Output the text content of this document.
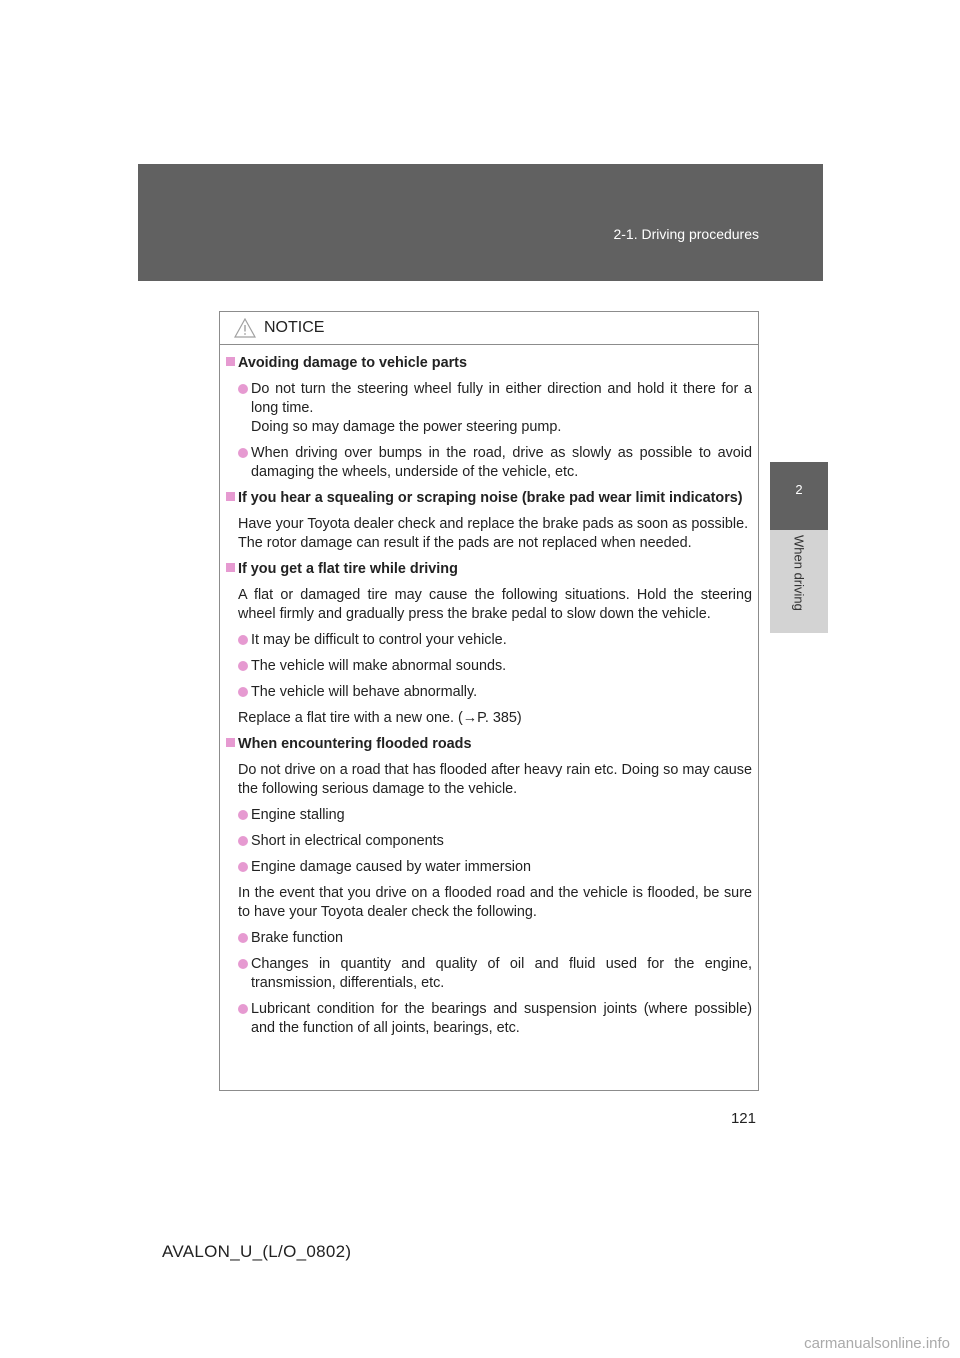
2-1. Driving procedures
2
When driving
NOTICE
Avoiding damage to vehicle parts
Do not turn the steering wheel fully in either direction and hold it there for a long time.
Doing so may damage the power steering pump.
When driving over bumps in the road, drive as slowly as possible to avoid damaging the wheels, underside of the vehicle, etc.
If you hear a squealing or scraping noise (brake pad wear limit indicators)
Have your Toyota dealer check and replace the brake pads as soon as possible.
The rotor damage can result if the pads are not replaced when needed.
If you get a flat tire while driving
A flat or damaged tire may cause the following situations. Hold the steering wheel firmly and gradually press the brake pedal to slow down the vehicle.
It may be difficult to control your vehicle.
The vehicle will make abnormal sounds.
The vehicle will behave abnormally.
Replace a flat tire with a new one. (→P. 385)
When encountering flooded roads
Do not drive on a road that has flooded after heavy rain etc. Doing so may cause the following serious damage to the vehicle.
Engine stalling
Short in electrical components
Engine damage caused by water immersion
In the event that you drive on a flooded road and the vehicle is flooded, be sure to have your Toyota dealer check the following.
Brake function
Changes in quantity and quality of oil and fluid used for the engine, transmission, differentials, etc.
Lubricant condition for the bearings and suspension joints (where possible) and the function of all joints, bearings, etc.
121
AVALON_U_(L/O_0802)
carmanualsonline.info
